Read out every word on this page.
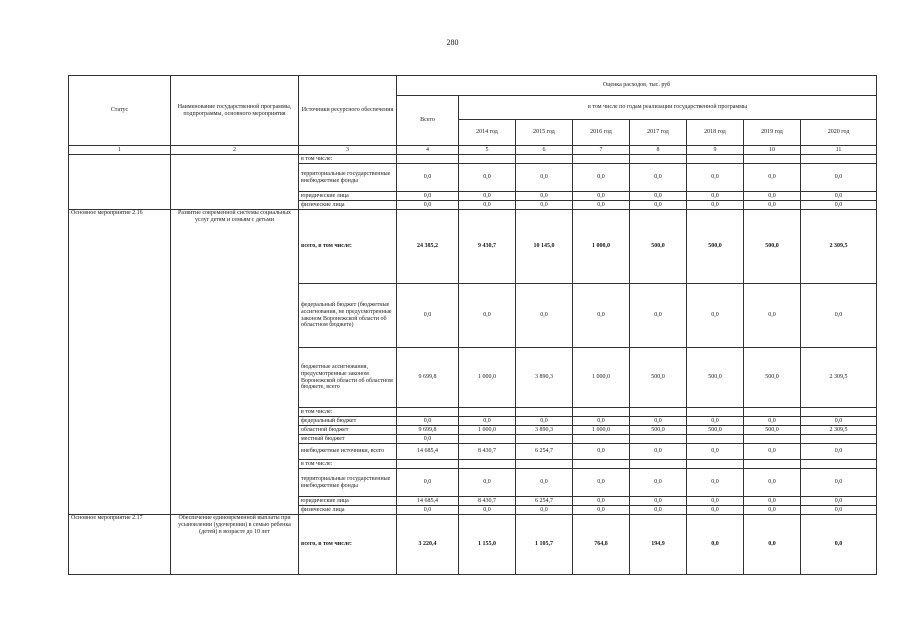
280
Статус	Наименование государственной программы, подпрограммы, основного мероприятия	Источники ресурсного обеспечения	Оценка расходов, тыс. руб							
			Всего	в том числе по годам реализации государственной программы						
				2014 год	2015 год	2016 год	2017 год	2018 год	2019 год	2020 год
1	2	3	4	5	6	7	8	9	10	11
		в том числе:								
		территориальные государственные внебюджетные фонды	0,0	0,0	0,0	0,0	0,0	0,0	0,0	0,0
		юридические лица	0,0	0,0	0,0	0,0	0,0	0,0	0,0	0,0
		физические лица	0,0	0,0	0,0	0,0	0,0	0,0	0,0	0,0
Основное мероприятие 2.16	Развитие современной системы социальных услуг детям и семьям с детьми	всего, в том числе:	24 385,2	9 430,7	10 145,0	1 000,0	500,0	500,0	500,0	2 309,5
		федеральный бюджет (бюджетные ассигнования, не предусмотренные законом Воронежской области об областном бюджете)	0,0	0,0	0,0	0,0	0,0	0,0	0,0	0,0
		бюджетные ассигнования, предусмотренные законом Воронежской области об областном бюджете, всего	9 699,8	1 000,0	3 890,3	1 000,0	500,0	500,0	500,0	2 309,5
		в том числе:								
		федеральный бюджет	0,0	0,0	0,0	0,0	0,0	0,0	0,0	0,0
		областной бюджет	9 699,8	1 000,0	3 890,3	1 000,0	500,0	500,0	500,0	2 309,5
		местный бюджет	0,0							
		внебюджетные источники, всего	14 685,4	8 430,7	6 254,7	0,0	0,0	0,0	0,0	0,0
		в том числе:								
		территориальные государственные внебюджетные фонды	0,0	0,0	0,0	0,0	0,0	0,0	0,0	0,0
		юридические лица	14 685,4	8 430,7	6 254,7	0,0	0,0	0,0	0,0	0,0
		физические лица	0,0	0,0	0,0	0,0	0,0	0,0	0,0	0,0
Основное мероприятие 2.17	Обеспечение единовременной выплаты при усыновлении (удочерении) в семью ребенка (детей) в возрасте до 10 лет	всего, в том числе:	3 220,4	1 155,0	1 105,7	764,8	194,9	0,0	0,0	0,0
